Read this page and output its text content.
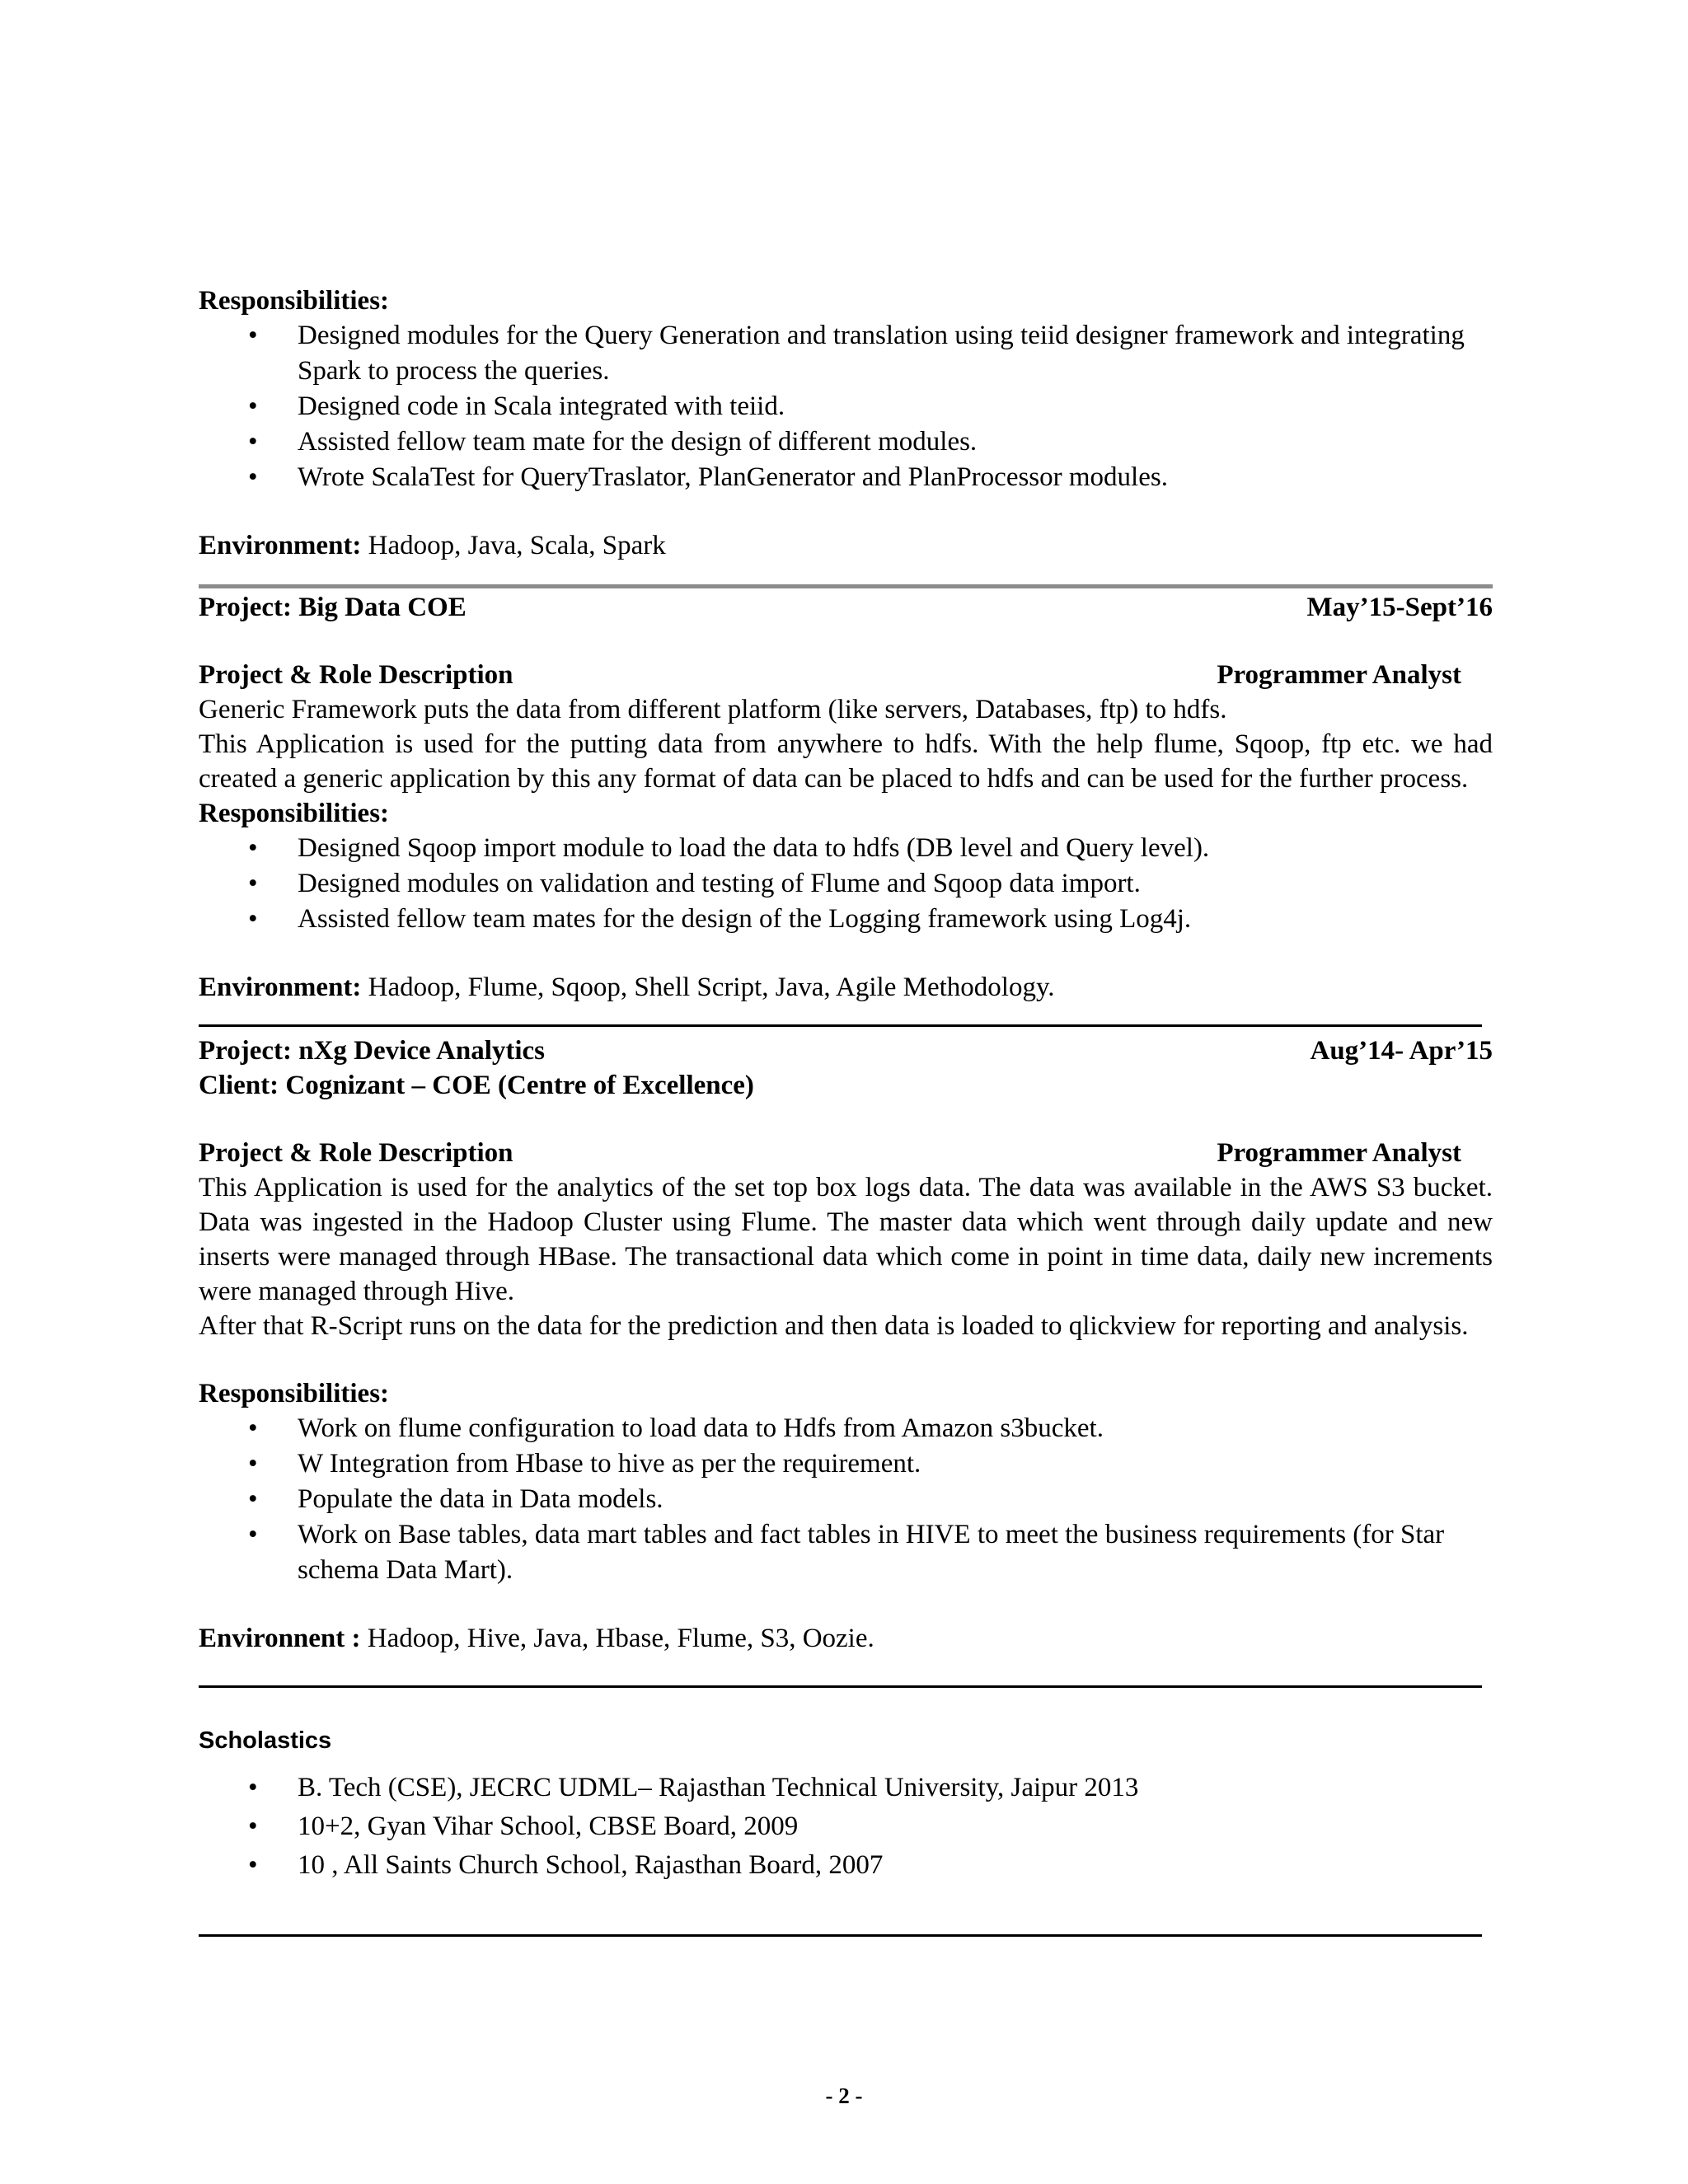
Responsibilities:
• Designed modules for the Query Generation and translation using teiid designer framework and integrating Spark to process the queries.
• Designed code in Scala integrated with teiid.
• Assisted fellow team mate for the design of different modules.
• Wrote ScalaTest for QueryTraslator, PlanGenerator and PlanProcessor modules.
Environment: Hadoop, Java, Scala, Spark
Project: Big Data COE	May’15-Sept’16
Project & Role Description	Programmer Analyst

Generic Framework puts the data from different platform (like servers, Databases, ftp) to hdfs.

This Application is used for the putting data from anywhere to hdfs. With the help flume, Sqoop, ftp etc. we had created a generic application by this any format of data can be placed to hdfs and can be used for the further process.

Responsibilities:
• Designed Sqoop import module to load the data to hdfs (DB level and Query level).
• Designed modules on validation and testing of Flume and Sqoop data import.
• Assisted fellow team mates for the design of the Logging framework using Log4j.
Environment: Hadoop, Flume, Sqoop, Shell Script, Java, Agile Methodology.
Project: nXg Device Analytics	Aug’14- Apr’15
Client: Cognizant – COE (Centre of Excellence)
Project & Role Description	Programmer Analyst

This Application is used for the analytics of the set top box logs data. The data was available in the AWS S3 bucket. Data was ingested in the Hadoop Cluster using Flume. The master data which went through daily update and new inserts were managed through HBase. The transactional data which come in point in time data, daily new increments were managed through Hive.

After that R-Script runs on the data for the prediction and then data is loaded to qlickview for reporting and analysis.

Responsibilities:
• Work on flume configuration to load data to Hdfs from Amazon s3bucket.
• W Integration from Hbase to hive as per the requirement.
• Populate the data in Data models.
• Work on Base tables, data mart tables and fact tables in HIVE to meet the business requirements (for Star schema Data Mart).
Environnent : Hadoop, Hive, Java, Hbase, Flume, S3, Oozie.
Scholastics
• B. Tech (CSE), JECRC UDML– Rajasthan Technical University, Jaipur 2013
• 10+2, Gyan Vihar School, CBSE Board, 2009
• 10 , All Saints Church School, Rajasthan Board, 2007
- 2 -
